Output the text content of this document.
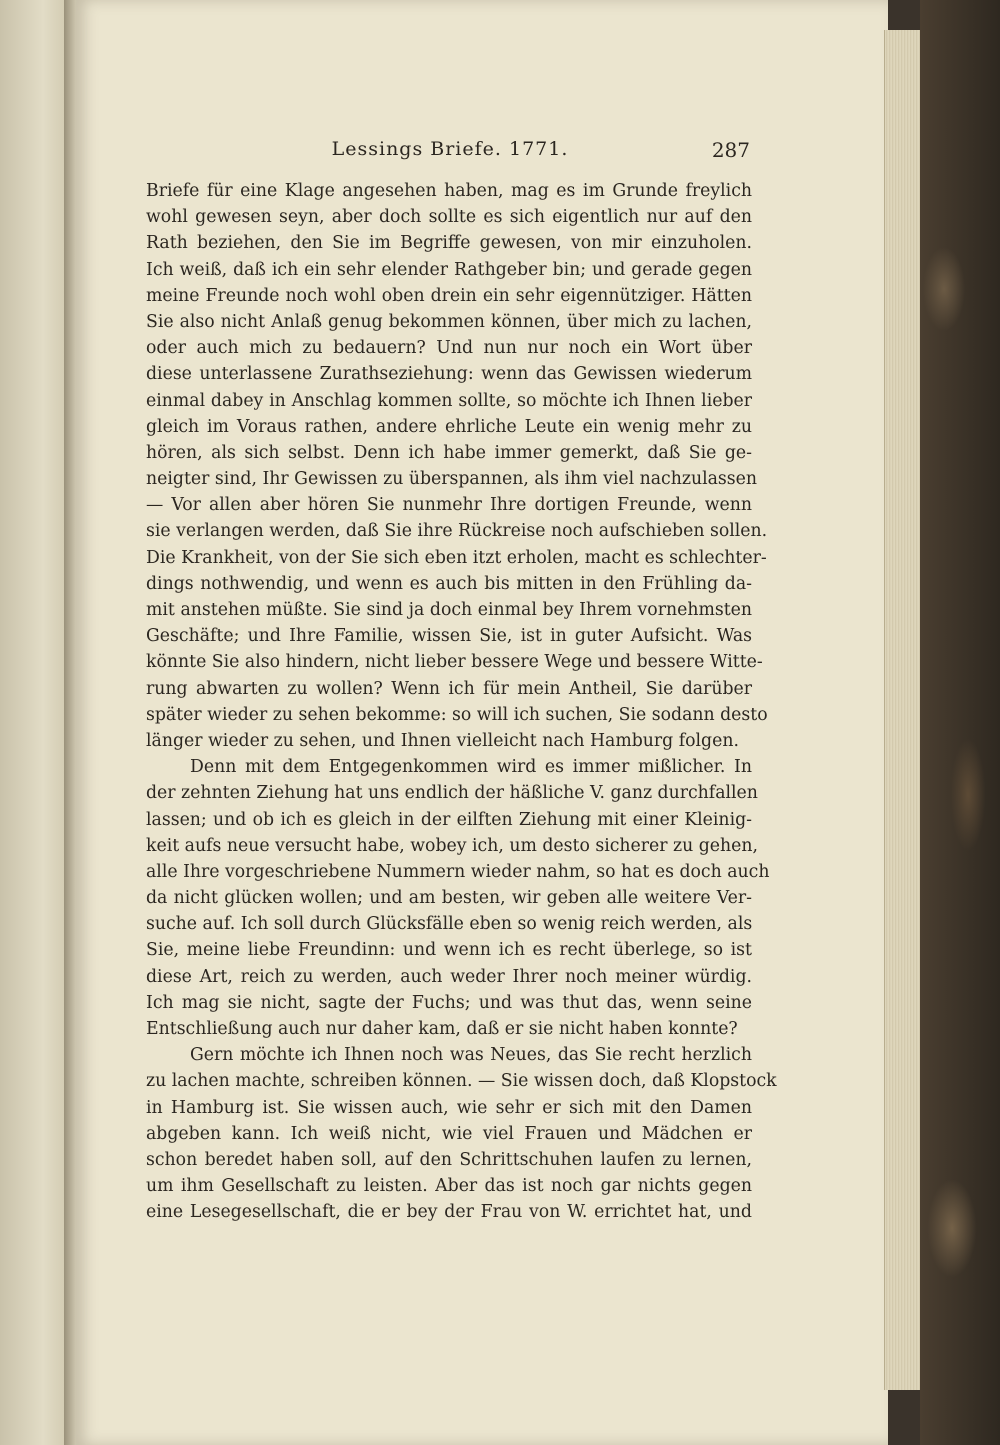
Lessings Briefe. 1771.	287
Briefe für eine Klage angesehen haben, mag es im Grunde freylich
wohl gewesen seyn, aber doch sollte es sich eigentlich nur auf den
Rath beziehen, den Sie im Begriffe gewesen, von mir einzuholen.
Ich weiß, daß ich ein sehr elender Rathgeber bin; und gerade gegen
meine Freunde noch wohl oben drein ein sehr eigennütziger. Hätten
Sie also nicht Anlaß genug bekommen können, über mich zu lachen,
oder auch mich zu bedauern? Und nun nur noch ein Wort über
diese unterlassene Zurathseziehung: wenn das Gewissen wiederum
einmal dabey in Anschlag kommen sollte, so möchte ich Ihnen lieber
gleich im Voraus rathen, andere ehrliche Leute ein wenig mehr zu
hören, als sich selbst. Denn ich habe immer gemerkt, daß Sie ge-
neigter sind, Ihr Gewissen zu überspannen, als ihm viel nachzulassen
— Vor allen aber hören Sie nunmehr Ihre dortigen Freunde, wenn
sie verlangen werden, daß Sie ihre Rückreise noch aufschieben sollen.
Die Krankheit, von der Sie sich eben itzt erholen, macht es schlechter-
dings nothwendig, und wenn es auch bis mitten in den Frühling da-
mit anstehen müßte. Sie sind ja doch einmal bey Ihrem vornehmsten
Geschäfte; und Ihre Familie, wissen Sie, ist in guter Aufsicht. Was
könnte Sie also hindern, nicht lieber bessere Wege und bessere Witte-
rung abwarten zu wollen? Wenn ich für mein Antheil, Sie darüber
später wieder zu sehen bekomme: so will ich suchen, Sie sodann desto
länger wieder zu sehen, und Ihnen vielleicht nach Hamburg folgen.
Denn mit dem Entgegenkommen wird es immer mißlicher. In
der zehnten Ziehung hat uns endlich der häßliche V. ganz durchfallen
lassen; und ob ich es gleich in der eilften Ziehung mit einer Kleinig-
keit aufs neue versucht habe, wobey ich, um desto sicherer zu gehen,
alle Ihre vorgeschriebene Nummern wieder nahm, so hat es doch auch
da nicht glücken wollen; und am besten, wir geben alle weitere Ver-
suche auf. Ich soll durch Glücksfälle eben so wenig reich werden, als
Sie, meine liebe Freundinn: und wenn ich es recht überlege, so ist
diese Art, reich zu werden, auch weder Ihrer noch meiner würdig.
Ich mag sie nicht, sagte der Fuchs; und was thut das, wenn seine
Entschließung auch nur daher kam, daß er sie nicht haben konnte?
Gern möchte ich Ihnen noch was Neues, das Sie recht herzlich
zu lachen machte, schreiben können. — Sie wissen doch, daß Klopstock
in Hamburg ist. Sie wissen auch, wie sehr er sich mit den Damen
abgeben kann. Ich weiß nicht, wie viel Frauen und Mädchen er
schon beredet haben soll, auf den Schrittschuhen laufen zu lernen,
um ihm Gesellschaft zu leisten. Aber das ist noch gar nichts gegen
eine Lesegesellschaft, die er bey der Frau von W. errichtet hat, und
